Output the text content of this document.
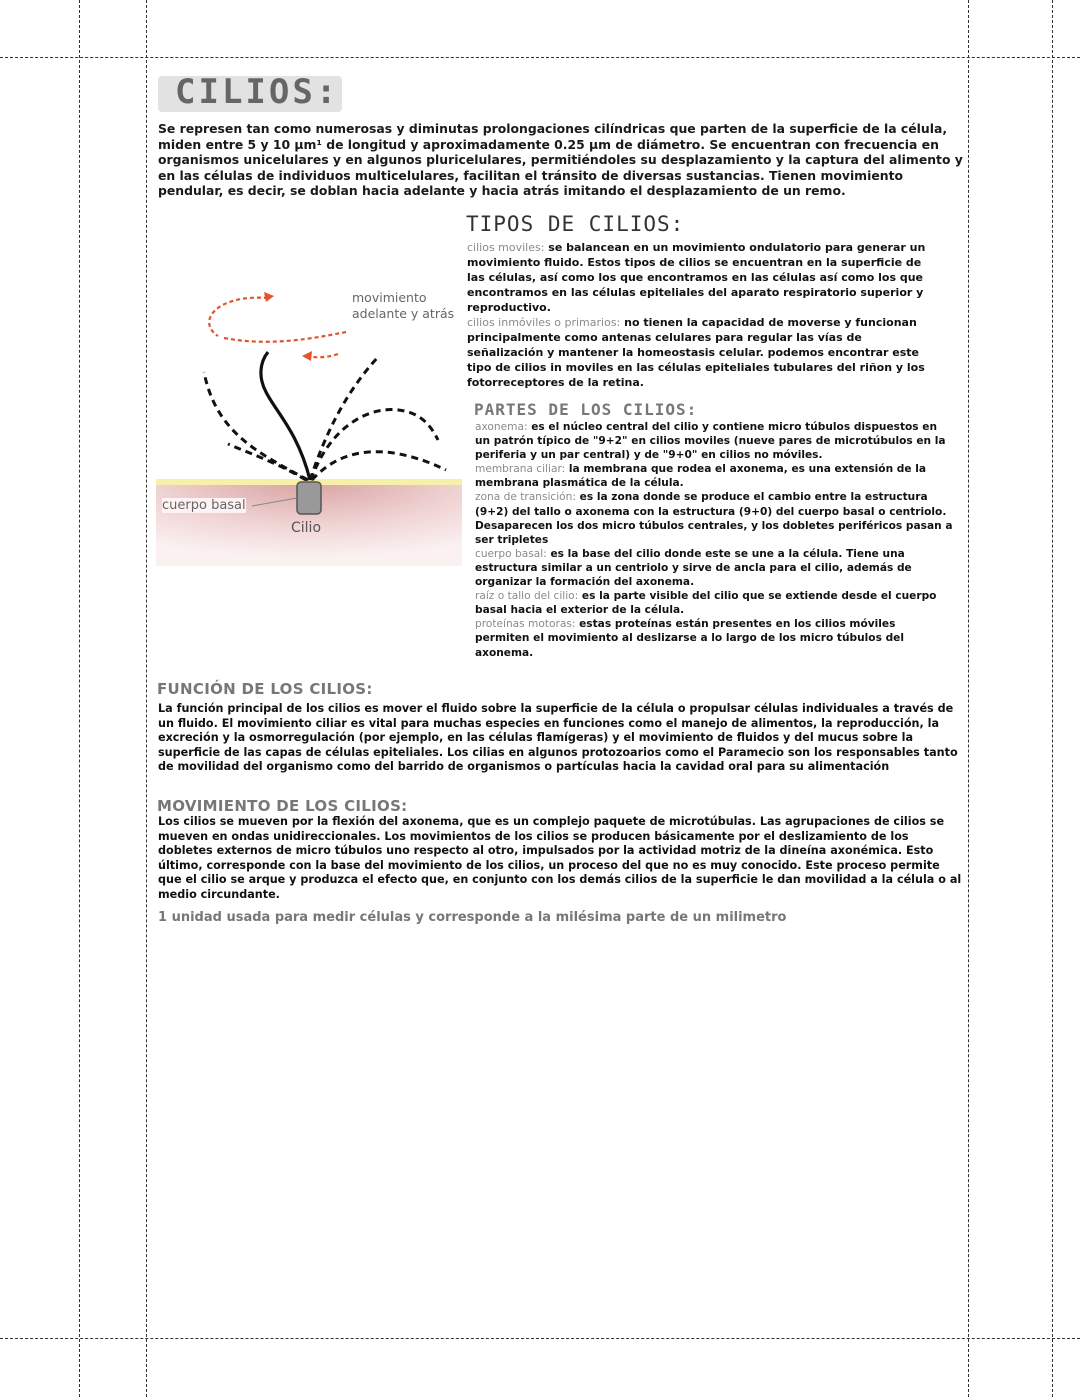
CILIOS:
Se represen tan como numerosas y diminutas prolongaciones cilíndricas que parten de la superficie de la célula, miden entre 5 y 10 µm¹ de longitud y aproximadamente 0.25 µm de diámetro. Se encuentran con frecuencia en organismos unicelulares y en algunos pluricelulares, permitiéndoles su desplazamiento y la captura del alimento y en las células de individuos multicelulares, facilitan el tránsito de diversas sustancias. Tienen movimiento pendular, es decir, se doblan hacia adelante y hacia atrás imitando el desplazamiento de un remo.
movimiento adelante y atrás
cuerpo basal
Cilio
TIPOS DE CILIOS:
cilios moviles: se balancean en un movimiento ondulatorio para generar un movimiento fluido. Estos tipos de cilios se encuentran en la superficie de las células, así como los que encontramos en las células así como los que encontramos en las células epiteliales del aparato respiratorio superior y reproductivo.
cilios inmóviles o primarios: no tienen la capacidad de moverse y funcionan principalmente como antenas celulares para regular las vías de señalización y mantener la homeostasis celular. podemos encontrar este tipo de cilios in moviles en las células epiteliales tubulares del riñon y los fotorreceptores de la retina.
PARTES DE LOS CILIOS:
axonema: es el núcleo central del cilio y contiene micro túbulos dispuestos en un patrón típico de "9+2" en cilios moviles (nueve pares de microtúbulos en la periferia y un par central) y de "9+0" en cilios no móviles.
membrana ciliar: la membrana que rodea el axonema, es una extensión de la membrana plasmática de la célula.
zona de transición: es la zona donde se produce el cambio entre la estructura (9+2) del tallo o axonema con la estructura (9+0) del cuerpo basal o centriolo. Desaparecen los dos micro túbulos centrales, y los dobletes periféricos pasan a ser tripletes
cuerpo basal: es la base del cilio donde este se une a la célula. Tiene una estructura similar a un centriolo y sirve de ancla para el cilio, además de organizar la formación del axonema.
raíz o tallo del cilio: es la parte visible del cilio que se extiende desde el cuerpo basal hacia el exterior de la célula.
proteínas motoras: estas proteínas están presentes en los cilios móviles permiten el movimiento al deslizarse a lo largo de los micro túbulos del axonema.
FUNCIÓN DE LOS CILIOS:
La función principal de los cilios es mover el fluido sobre la superficie de la célula o propulsar células individuales a través de un fluido. El movimiento ciliar es vital para muchas especies en funciones como el manejo de alimentos, la reproducción, la excreción y la osmorregulación (por ejemplo, en las células flamígeras) y el movimiento de fluidos y del mucus sobre la superficie de las capas de células epiteliales. Los cilias en algunos protozoarios como el Paramecio son los responsables tanto de movilidad del organismo como del barrido de organismos o partículas hacia la cavidad oral para su alimentación
MOVIMIENTO DE LOS CILIOS:
Los cilios se mueven por la flexión del axonema, que es un complejo paquete de microtúbulas. Las agrupaciones de cilios se mueven en ondas unidireccionales. Los movimientos de los cilios se producen básicamente por el deslizamiento de los dobletes externos de micro túbulos uno respecto al otro, impulsados por la actividad motriz de la dineína axonémica. Esto último, corresponde con la base del movimiento de los cilios, un proceso del que no es muy conocido. Este proceso permite que el cilio se arque y produzca el efecto que, en conjunto con los demás cilios de la superficie le dan movilidad a la célula o al medio circundante.
1 unidad usada para medir células y corresponde a la milésima parte de un milimetro
